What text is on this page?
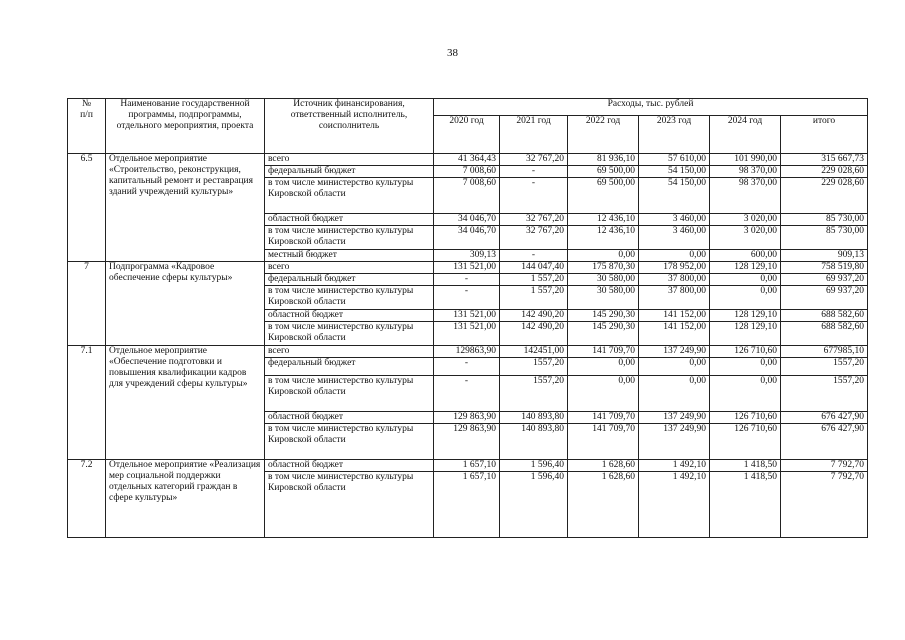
38
№
п/п	Наименование государственной программы, подпрограммы, отдельного мероприятия, проекта	Источник финансирования, ответственный исполнитель, соисполнитель	Расходы, тыс. рублей					
			2020 год	2021 год	2022 год	2023 год	2024 год	итого
6.5	Отдельное мероприятие «Строительство, реконструкция, капитальный ремонт и реставрация зданий учреждений культуры»	всего	41 364,43	32 767,20	81 936,10	57 610,00	101 990,00	315 667,73
		федеральный бюджет	7 008,60	-	69 500,00	54 150,00	98 370,00	229 028,60
		в том числе министерство культуры Кировской области	7 008,60	-	69 500,00	54 150,00	98 370,00	229 028,60
		областной бюджет	34 046,70	32 767,20	12 436,10	3 460,00	3 020,00	85 730,00
		в том числе министерство культуры Кировской области	34 046,70	32 767,20	12 436,10	3 460,00	3 020,00	85 730,00
		местный бюджет	309,13	-	0,00	0,00	600,00	909,13
7	Подпрограмма «Кадровое обеспечение сферы культуры»	всего	131 521,00	144 047,40	175 870,30	178 952,00	128 129,10	758 519,80
		федеральный бюджет	-	1 557,20	30 580,00	37 800,00	0,00	69 937,20
		в том числе министерство культуры Кировской области	-	1 557,20	30 580,00	37 800,00	0,00	69 937,20
		областной бюджет	131 521,00	142 490,20	145 290,30	141 152,00	128 129,10	688 582,60
		в том числе министерство культуры Кировской области	131 521,00	142 490,20	145 290,30	141 152,00	128 129,10	688 582,60
7.1	Отдельное мероприятие «Обеспечение подготовки и повышения квалификации кадров для учреждений сферы культуры»	всего	129863,90	142451,00	141 709,70	137 249,90	126 710,60	677985,10
		федеральный бюджет	-	1557,20	0,00	0,00	0,00	1557,20
		в том числе министерство культуры Кировской области	-	1557,20	0,00	0,00	0,00	1557,20
		областной бюджет	129 863,90	140 893,80	141 709,70	137 249,90	126 710,60	676 427,90
		в том числе министерство культуры Кировской области	129 863,90	140 893,80	141 709,70	137 249,90	126 710,60	676 427,90
7.2	Отдельное мероприятие «Реализация мер социальной поддержки отдельных категорий граждан в сфере культуры»	областной бюджет	1 657,10	1 596,40	1 628,60	1 492,10	1 418,50	7 792,70
		в том числе министерство культуры Кировской области	1 657,10	1 596,40	1 628,60	1 492,10	1 418,50	7 792,70
